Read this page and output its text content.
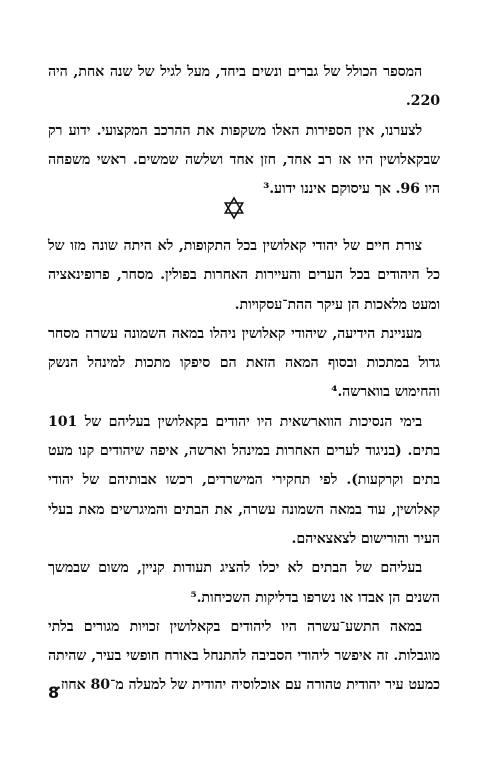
המספר הכולל של גברים ונשים ביחד, מעל לגיל של שנה אחת, היה 220.

לצערנו, אין הספירות האלו משקפות את ההרכב המקצועי. ידוע רק שבקאלושין היו אז רב אחד, חזן אחד ושלשה שמשים. ראשי משפחה היו 96. אך עיסוקם איננו ידוע.³

צורת חיים של יהודי קאלושין בכל התקופות, לא היתה שונה מזו של כל היהודים בכל הערים והעיירות האחרות בפולין. מסחר, פרופינאציה ומעט מלאכות הן עיקר ההת־עסקויות.

מעניינת הידיעה, שיהודי קאלושין ניהלו במאה השמונה עשרה מסחר גדול במתכות ובסוף המאה הזאת הם סיפקו מתכות למינהל הנשק והחימוש בווארשה.⁴

בימי הנסיכות הווארשאית היו יהודים בקאלושין בעליהם של 101 בתים. (בניגוד לערים האחרות במינהל וארשה, איפה שיהודים קנו מעט בתים וקרקעות). לפי תחקירי המישרדים, רכשו אבותיהם של יהודי קאלושין, עוד במאה השמונה עשרה, את הבתים והמיגרשים מאת בעלי העיר והורישום לצאצאיהם.

בעליהם של הבתים לא יכלו להציג תעודות קניין, משום שבמשך השנים הן אבדו או נשרפו בדליקות השכיחות.⁵

במאה התשע־עשרה היו ליהודים בקאלושין זכויות מגורים בלתי מוגבלות. זה איפשר ליהודי הסביבה להתנחל באורח חופשי בעיר, שהיתה כמעט עיר יהודית טהורה עם אוכלוסיה יהודית של למעלה מ־80 אחוז.

8
